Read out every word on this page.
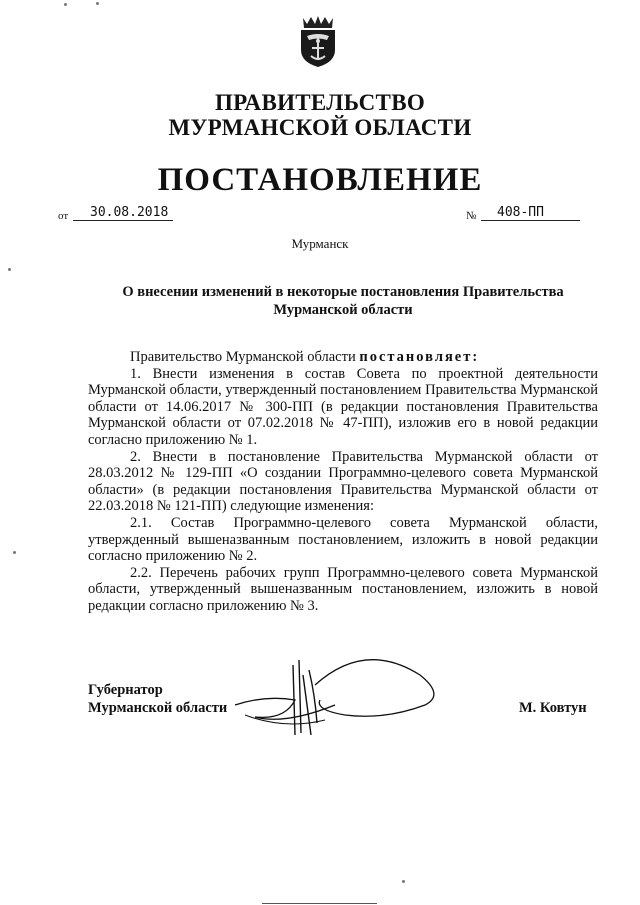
ПРАВИТЕЛЬСТВО
МУРМАНСКОЙ ОБЛАСТИ
ПОСТАНОВЛЕНИЕ
от 30.08.2018	№ 408-ПП
Мурманск
О внесении изменений в некоторые постановления Правительства
Мурманской области

Правительство Мурманской области постановляет:

1. Внести изменения в состав Совета по проектной деятельности Мурманской области, утвержденный постановлением Правительства Мурманской области от 14.06.2017 № 300-ПП (в редакции постановления Правительства Мурманской области от 07.02.2018 № 47-ПП), изложив его в новой редакции согласно приложению № 1.

2. Внести в постановление Правительства Мурманской области от 28.03.2012 № 129-ПП «О создании Программно-целевого совета Мурманской области» (в редакции постановления Правительства Мурманской области от 22.03.2018 № 121-ПП) следующие изменения:

2.1. Состав Программно-целевого совета Мурманской области, утвержденный вышеназванным постановлением, изложить в новой редакции согласно приложению № 2.

2.2. Перечень рабочих групп Программно-целевого совета Мурманской области, утвержденный вышеназванным постановлением, изложить в новой редакции согласно приложению № 3.

Губернатор
Мурманской области	М. Ковтун
